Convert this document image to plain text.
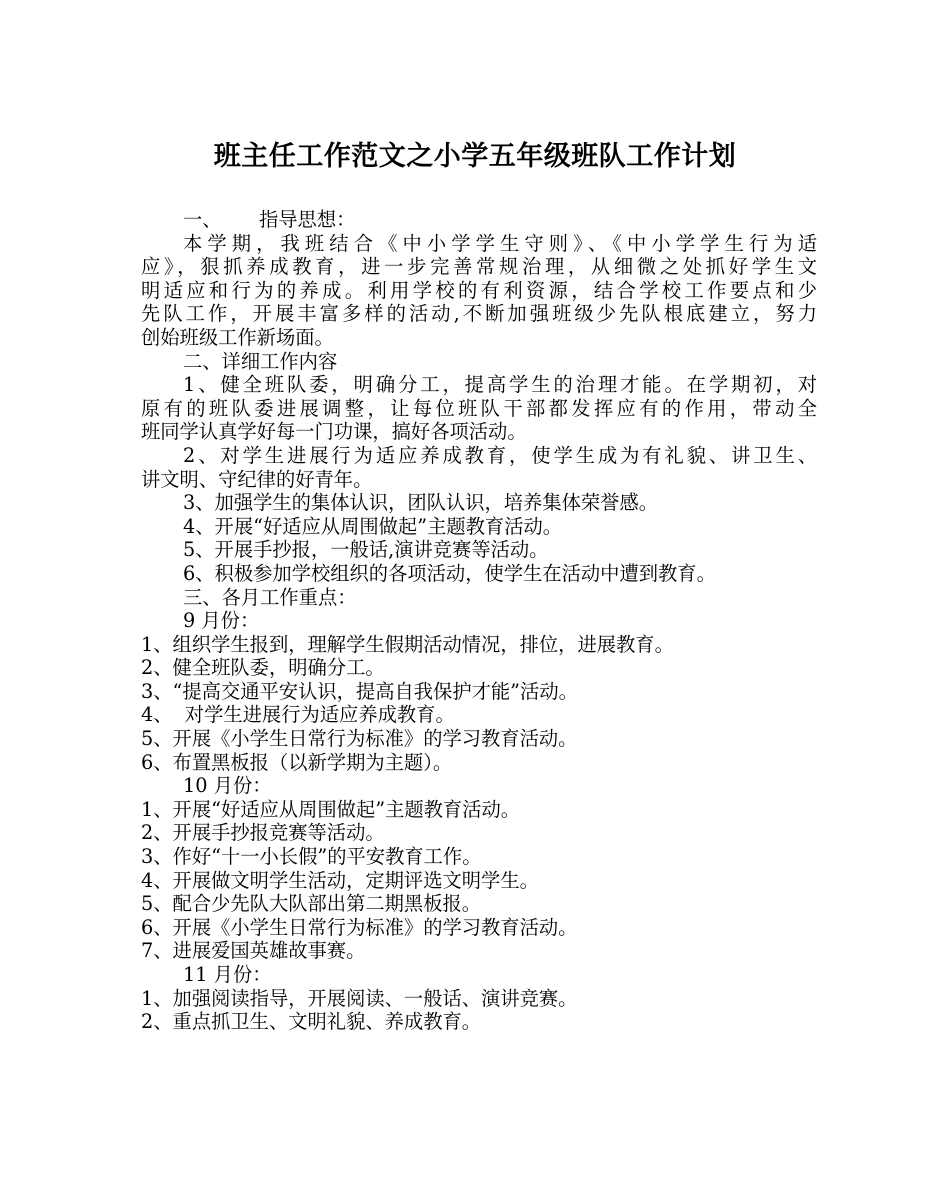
班主任工作范文之小学五年级班队工作计划
一、 指导思想：
本学期，我班结合《中小学学生守则》、《中小学学生行为适
应》，狠抓养成教育，进一步完善常规治理，从细微之处抓好学生文
明适应和行为的养成。利用学校的有利资源，结合学校工作要点和少
先队工作，开展丰富多样的活动,不断加强班级少先队根底建立，努力
创始班级工作新场面。
二、详细工作内容
1、健全班队委，明确分工，提高学生的治理才能。在学期初，对
原有的班队委进展调整，让每位班队干部都发挥应有的作用，带动全
班同学认真学好每一门功课，搞好各项活动。
2、对学生进展行为适应养成教育，使学生成为有礼貌、讲卫生、
讲文明、守纪律的好青年。
3、加强学生的集体认识，团队认识，培养集体荣誉感。
4、开展“好适应从周围做起”主题教育活动。
5、开展手抄报，一般话,演讲竞赛等活动。
6、积极参加学校组织的各项活动，使学生在活动中遭到教育。
三、各月工作重点：
9 月份：
1、组织学生报到，理解学生假期活动情况，排位，进展教育。
2、健全班队委，明确分工。
3、“提高交通平安认识，提高自我保护才能”活动。
4、  对学生进展行为适应养成教育。
5、开展《小学生日常行为标准》的学习教育活动。
6、布置黑板报（以新学期为主题）。
10 月份：
1、开展“好适应从周围做起”主题教育活动。
2、开展手抄报竞赛等活动。
3、作好“十一小长假”的平安教育工作。
4、开展做文明学生活动，定期评选文明学生。
5、配合少先队大队部出第二期黑板报。
6、开展《小学生日常行为标准》的学习教育活动。
7、进展爱国英雄故事赛。
11 月份：
1、加强阅读指导，开展阅读、一般话、演讲竞赛。
2、重点抓卫生、文明礼貌、养成教育。
